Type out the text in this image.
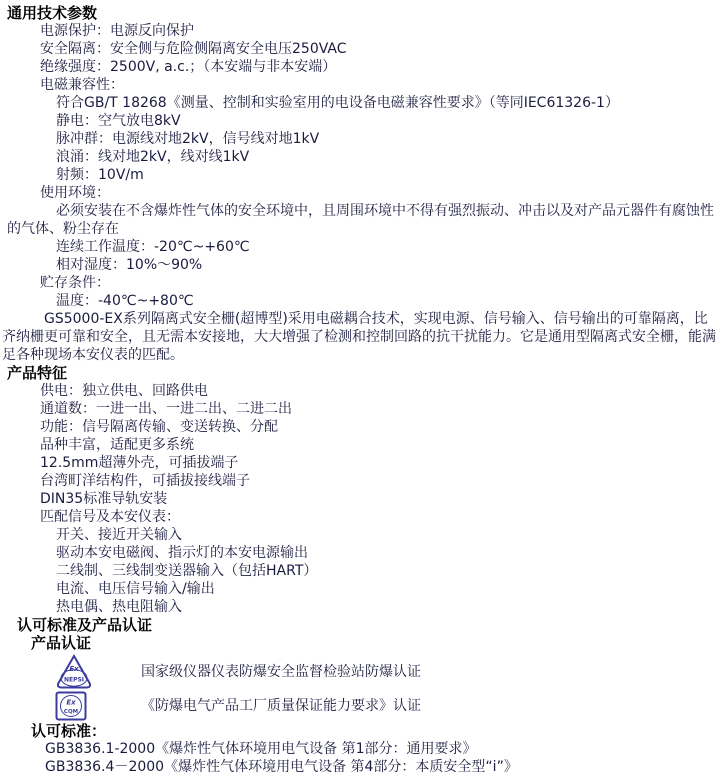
通用技术参数
电源保护：电源反向保护
安全隔离：安全侧与危险侧隔离安全电压250VAC
绝缘强度：2500V, a.c.；（本安端与非本安端）
电磁兼容性：
符合GB/T 18268《测量、控制和实验室用的电设备电磁兼容性要求》（等同IEC61326-1）
静电：空气放电8kV
脉冲群：电源线对地2kV，信号线对地1kV
浪涌：线对地2kV，线对线1kV
射频：10V/m
使用环境：
必须安装在不含爆炸性气体的安全环境中，且周围环境中不得有强烈振动、冲击以及对产品元器件有腐蚀性的气体、粉尘存在
连续工作温度：-20℃~+60℃
相对湿度：10%～90%
贮存条件：
温度：-40℃~+80℃
GS5000-EX系列隔离式安全栅(超博型)采用电磁耦合技术，实现电源、信号输入、信号输出的可靠隔离，比齐纳栅更可靠和安全，且无需本安接地，大大增强了检测和控制回路的抗干扰能力。它是通用型隔离式安全栅，能满足各种现场本安仪表的匹配。
产品特征
供电：独立供电、回路供电
通道数：一进一出、一进二出、二进二出
功能：信号隔离传输、变送转换、分配
品种丰富，适配更多系统
12.5mm超薄外壳，可插拔端子
台湾町洋结构件，可插拔接线端子
DIN35标准导轨安装
匹配信号及本安仪表：
开关、接近开关输入
驱动本安电磁阀、指示灯的本安电源输出
二线制、三线制变送器输入（包括HART）
电流、电压信号输入/输出
热电偶、热电阻输入
认可标准及产品认证
产品认证
Ex
NEPSI	国家级仪器仪表防爆安全监督检验站防爆认证
Ex
CQM	《防爆电气产品工厂质量保证能力要求》认证
认可标准：
GB3836.1-2000《爆炸性气体环境用电气设备 第1部分：通用要求》
GB3836.4－2000《爆炸性气体环境用电气设备 第4部分：本质安全型“i”》
